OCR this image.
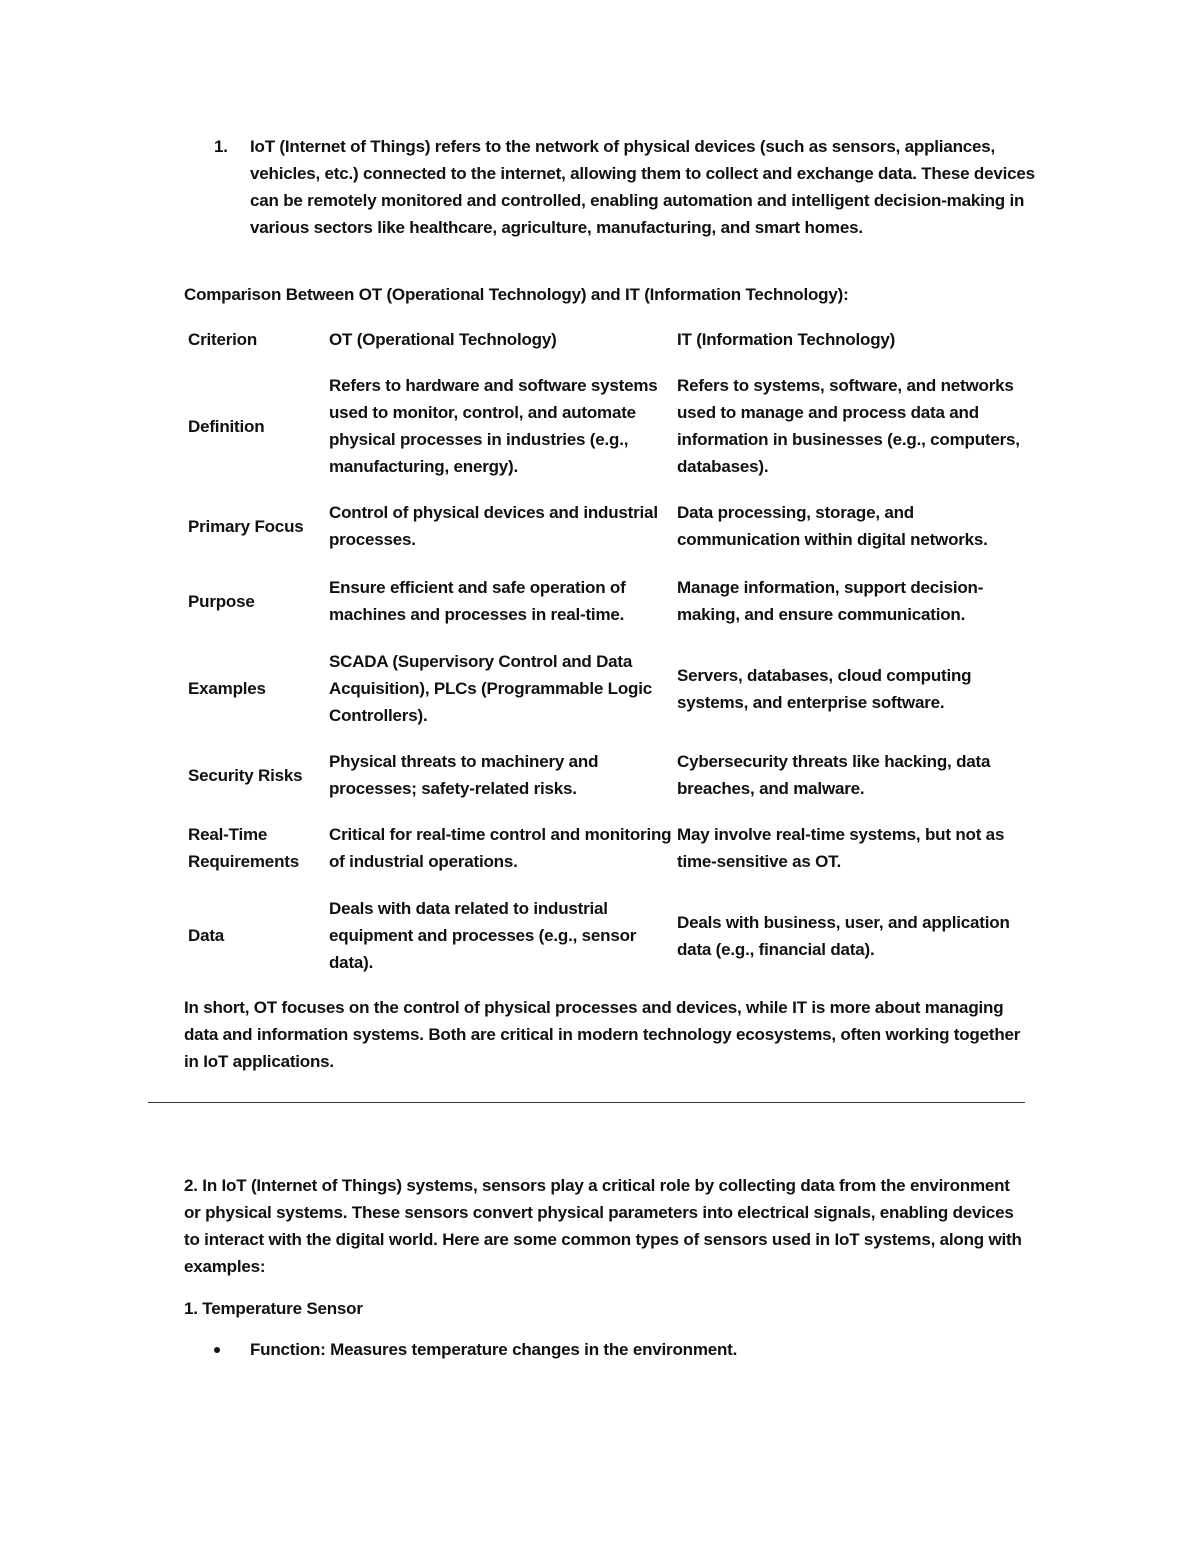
1. IoT (Internet of Things) refers to the network of physical devices (such as sensors, appliances, vehicles, etc.) connected to the internet, allowing them to collect and exchange data. These devices can be remotely monitored and controlled, enabling automation and intelligent decision-making in various sectors like healthcare, agriculture, manufacturing, and smart homes.
Comparison Between OT (Operational Technology) and IT (Information Technology):
Criterion	OT (Operational Technology)	IT (Information Technology)
Definition
Refers to hardware and software systems used to monitor, control, and automate physical processes in industries (e.g., manufacturing, energy).
Refers to systems, software, and networks used to manage and process data and information in businesses (e.g., computers, databases).
Primary Focus
Control of physical devices and industrial processes.
Data processing, storage, and communication within digital networks.
Purpose
Ensure efficient and safe operation of machines and processes in real-time.
Manage information, support decision-making, and ensure communication.
Examples
SCADA (Supervisory Control and Data Acquisition), PLCs (Programmable Logic Controllers).
Servers, databases, cloud computing systems, and enterprise software.
Security Risks
Physical threats to machinery and processes; safety-related risks.
Cybersecurity threats like hacking, data breaches, and malware.
Real-Time Requirements
Critical for real-time control and monitoring of industrial operations.
May involve real-time systems, but not as time-sensitive as OT.
Data
Deals with data related to industrial equipment and processes (e.g., sensor data).
Deals with business, user, and application data (e.g., financial data).
In short, OT focuses on the control of physical processes and devices, while IT is more about managing data and information systems. Both are critical in modern technology ecosystems, often working together in IoT applications.
2. In IoT (Internet of Things) systems, sensors play a critical role by collecting data from the environment or physical systems. These sensors convert physical parameters into electrical signals, enabling devices to interact with the digital world. Here are some common types of sensors used in IoT systems, along with examples:
1. Temperature Sensor
Function: Measures temperature changes in the environment.
